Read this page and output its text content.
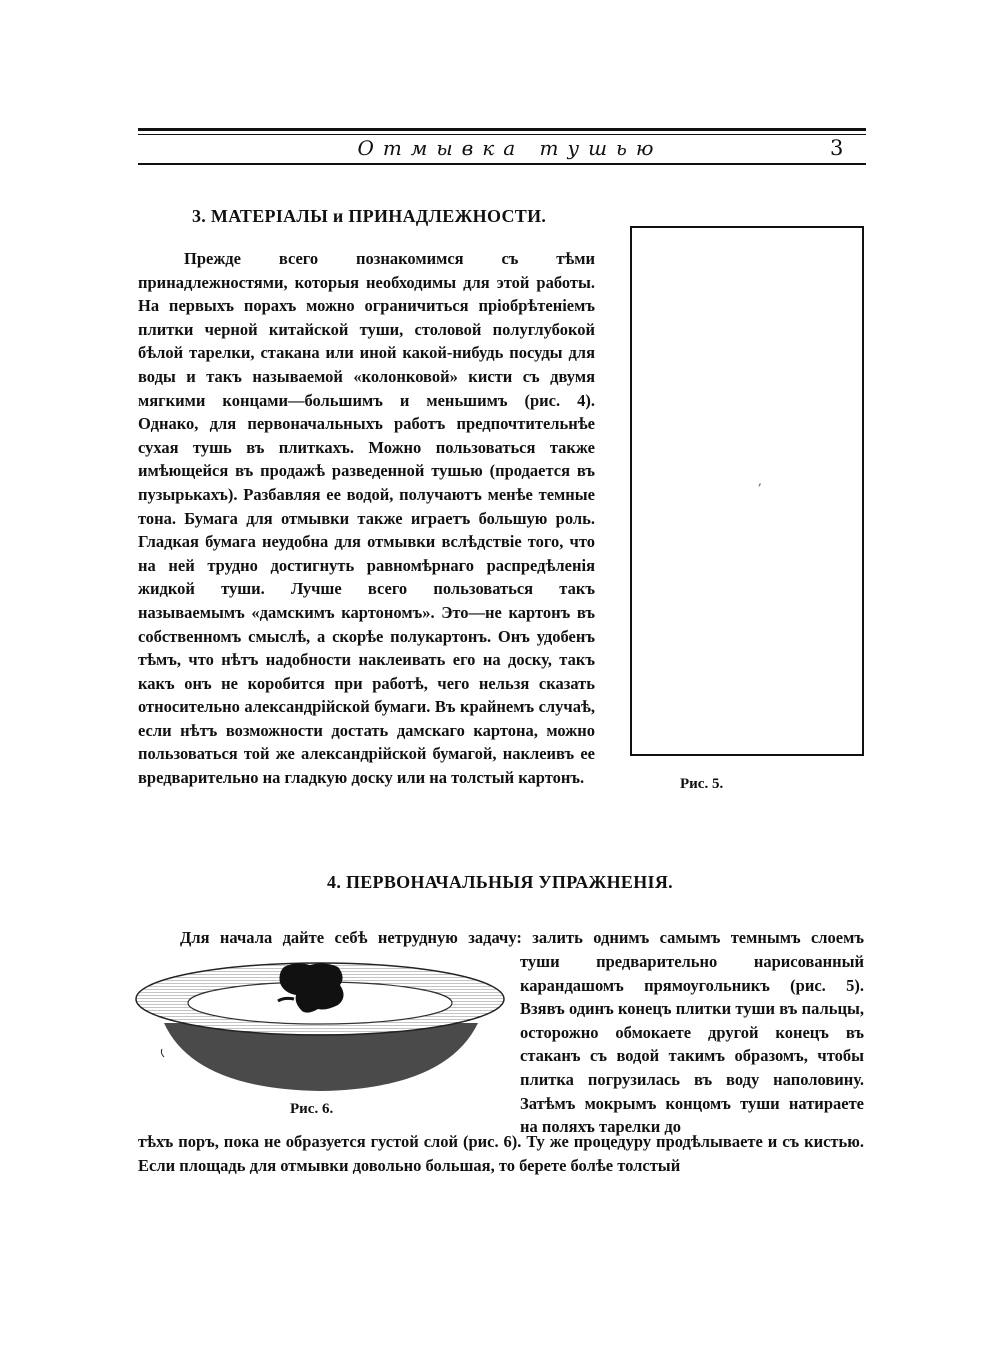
Отмывка тушью	3
3. МАТЕРІАЛЫ и ПРИНАДЛЕЖНОСТИ.
Прежде всего познакомимся съ тѣми принадлежностями, которыя необходимы для этой работы. На первыхъ порахъ можно ограничиться пріобрѣтеніемъ плитки черной китайской туши, столовой полуглубокой бѣлой тарелки, стакана или иной какой-нибудь посуды для воды и такъ называемой «колонковой» кисти съ двумя мягкими концами—большимъ и меньшимъ (рис. 4). Однако, для первоначальныхъ работъ предпочтительнѣе сухая тушь въ плиткахъ. Можно пользоваться также имѣющейся въ продажѣ разведенной тушью (продается въ пузырькахъ). Разбавляя ее водой, получаютъ менѣе темные тона. Бумага для отмывки также играетъ большую роль. Гладкая бумага неудобна для отмывки вслѣдствіе того, что на ней трудно достигнуть равномѣрнаго распредѣленія жидкой туши. Лучше всего пользоваться такъ называемымъ «дамскимъ картономъ». Это—не картонъ въ собственномъ смыслѣ, а скорѣе полукартонъ. Онъ удобенъ тѣмъ, что нѣтъ надобности наклеивать его на доску, такъ какъ онъ не коробится при работѣ, чего нельзя сказать относительно александрійской бумаги. Въ крайнемъ случаѣ, если нѣтъ возможности достать дамскаго картона, можно пользоваться той же александрійской бумагой, наклеивъ ее вредварительно на гладкую доску или на толстый картонъ.
,
Рис. 5.
4. ПЕРВОНАЧАЛЬНЫЯ УПРАЖНЕНІЯ.
Для начала дайте себѣ нетрудную задачу: залить однимъ самымъ темнымъ слоемъ
Рис. 6.
туши предварительно нарисованный карандашомъ прямоугольникъ (рис. 5). Взявъ одинъ конецъ плитки туши въ пальцы, осторожно обмокаете другой конецъ въ стаканъ съ водой такимъ образомъ, чтобы плитка погрузилась въ воду наполовину. Затѣмъ мокрымъ концомъ туши натираете на поляхъ тарелки до
тѣхъ поръ, пока не образуется густой слой (рис. 6). Ту же процедуру продѣлываете и съ кистью. Если площадь для отмывки довольно большая, то берете болѣе толстый
